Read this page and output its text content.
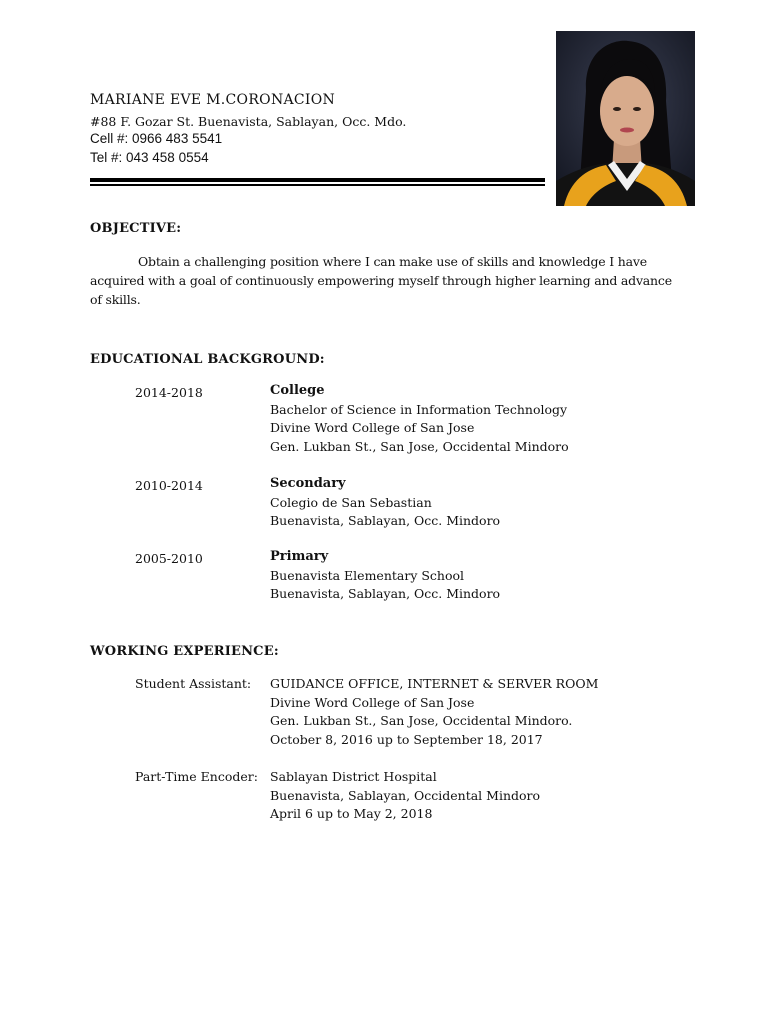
MARIANE EVE M.CORONACION
#88 F. Gozar St. Buenavista, Sablayan, Occ. Mdo.
Cell #: 0966 483 5541
Tel #: 043 458 0554
OBJECTIVE:

Obtain a challenging position where I can make use of skills and knowledge I have acquired with a goal of continuously empowering myself through higher learning and advance of skills.

EDUCATIONAL BACKGROUND:
2014-2018	College
Bachelor of Science in Information Technology
Divine Word College of San Jose
Gen. Lukban St., San Jose, Occidental Mindoro
2010-2014	Secondary
Colegio de San Sebastian
Buenavista, Sablayan, Occ. Mindoro
2005-2010	Primary
Buenavista Elementary School
Buenavista, Sablayan, Occ. Mindoro
WORKING EXPERIENCE:
Student Assistant: GUIDANCE OFFICE, INTERNET & SERVER ROOM
Divine Word College of San Jose
Gen. Lukban St., San Jose, Occidental Mindoro.
October 8, 2016 up to September 18, 2017
Part-Time Encoder: Sablayan District Hospital
Buenavista, Sablayan, Occidental Mindoro
April 6 up to May 2, 2018
